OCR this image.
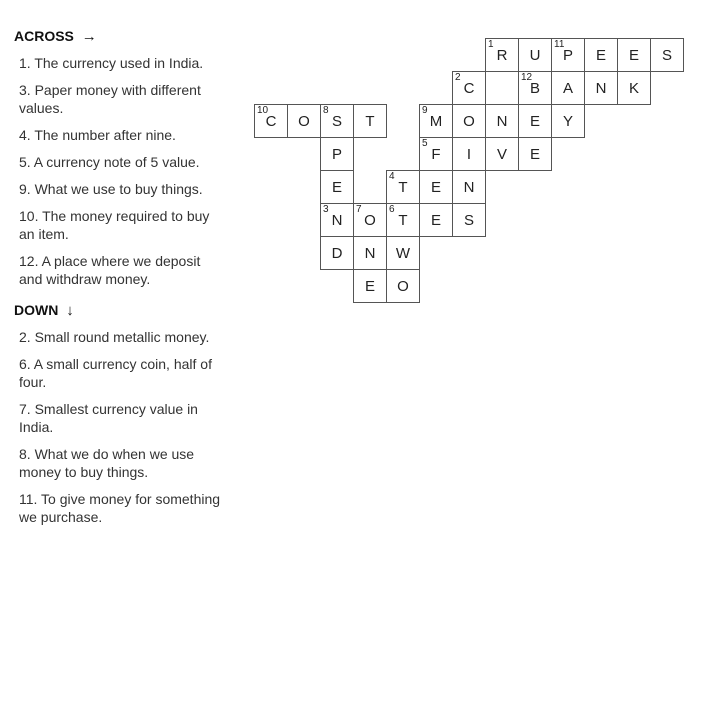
ACROSS →
1. The currency used in India.
3. Paper money with different values.
4. The number after nine.
5. A currency note of 5 value.
9. What we use to buy things.
10. The money required to buy an item.
12. A place where we deposit and withdraw money.
DOWN ↓
2. Small round metallic money.
6. A small currency coin, half of four.
7. Smallest currency value in India.
8. What we do when we use money to buy things.
11. To give money for something we purchase.
1
R U
11
P E E S
2
C
12
B A N K
10
C O
8
S T
9
M O N E Y
P
5
F I V E
E
4
T E N
3
N
7
O
6
T E S
D N W
E O
